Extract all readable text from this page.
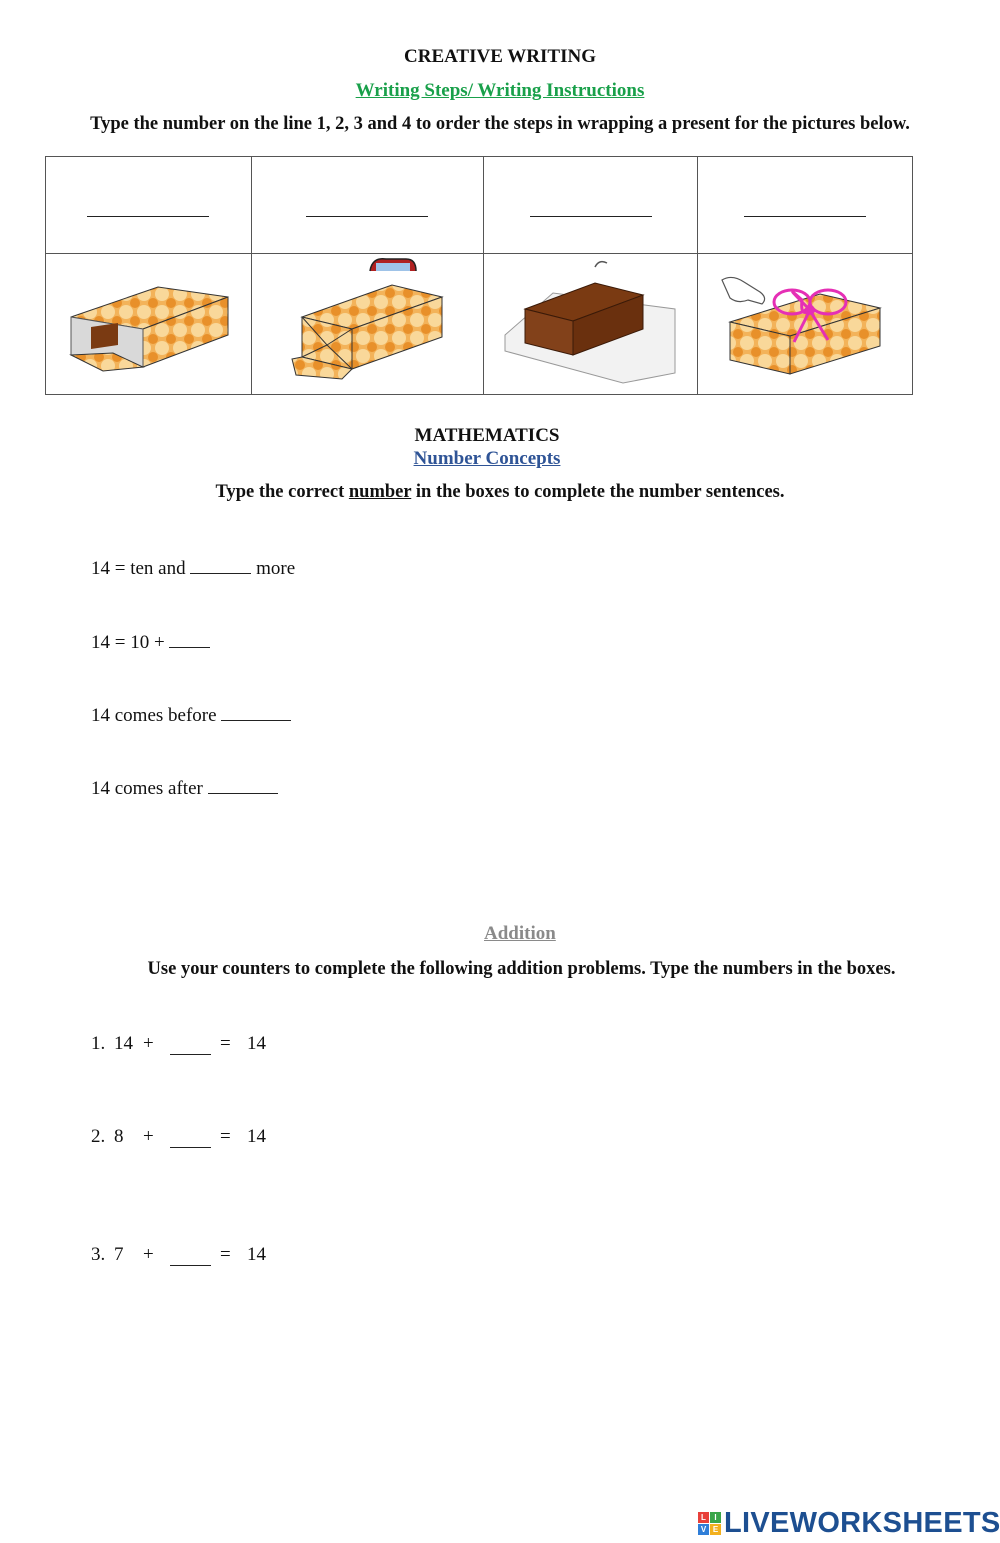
CREATIVE WRITING
Writing Steps/ Writing Instructions
Type the number on the line 1, 2, 3 and 4 to order the steps in wrapping a present for the pictures below.

MATHEMATICS
Number Concepts
Type the correct number in the boxes to complete the number sentences.
14 = ten and	more
14 = 10 +
14 comes before
14 comes after
Addition
Use your counters to complete the following addition problems. Type the numbers in the boxes.
1. 14 +	= 14
2. 8	+	= 14
3. 7	+	= 14
L	I
V E LIVEWORKSHEETS
